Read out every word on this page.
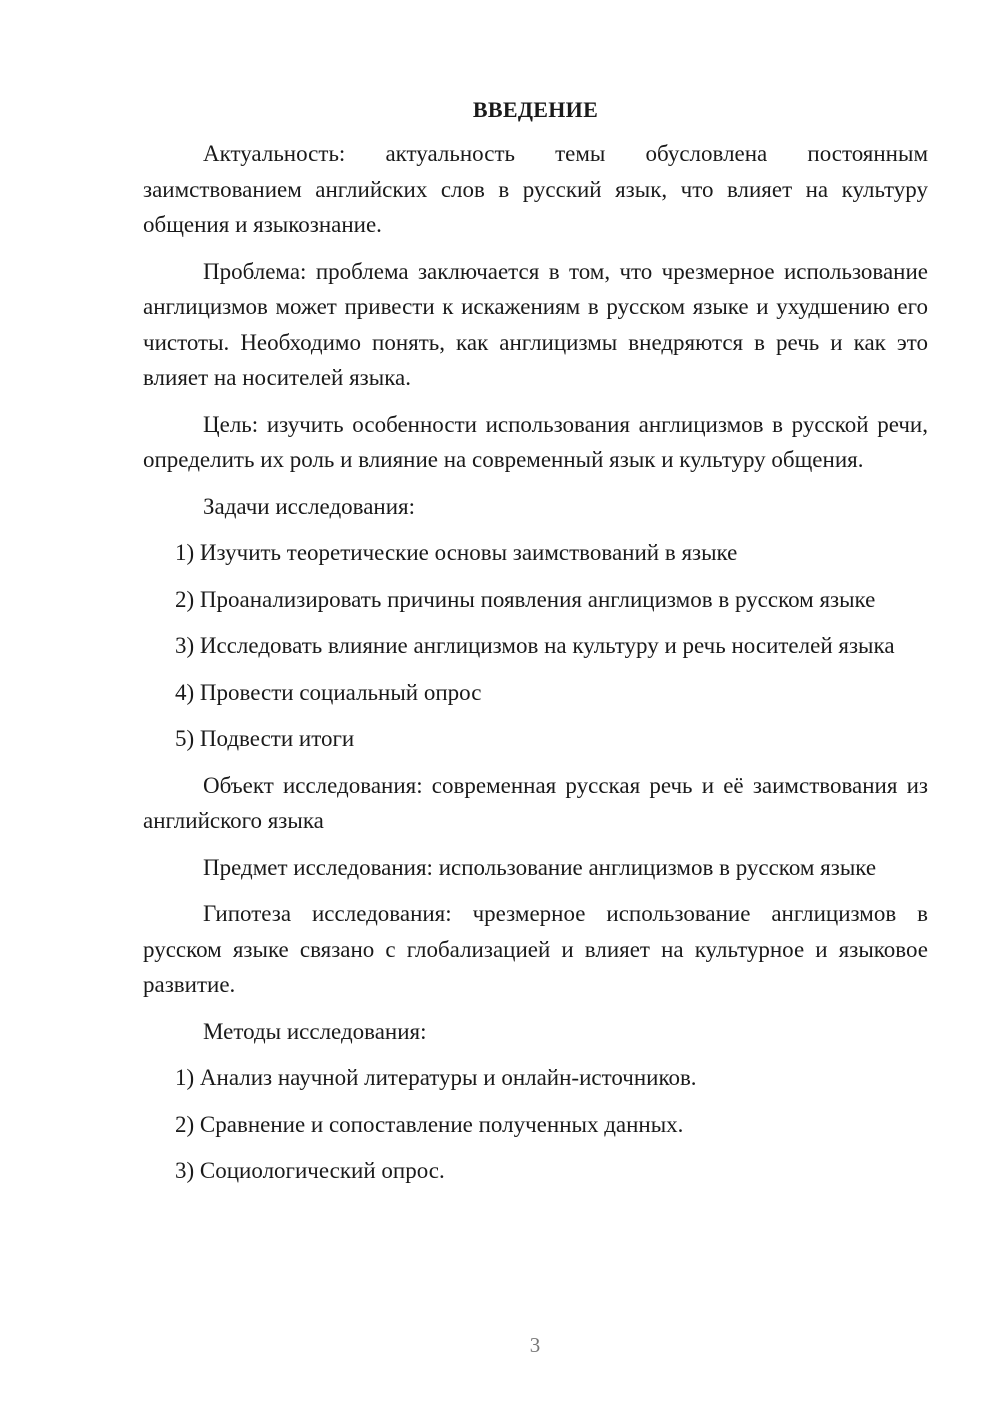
ВВЕДЕНИЕ

Актуальность: актуальность темы обусловлена постоянным заимствованием английских слов в русский язык, что влияет на культуру общения и языкознание.

Проблема: проблема заключается в том, что чрезмерное использование англицизмов может привести к искажениям в русском языке и ухудшению его чистоты. Необходимо понять, как англицизмы внедряются в речь и как это влияет на носителей языка.

Цель: изучить особенности использования англицизмов в русской речи, определить их роль и влияние на современный язык и культуру общения.

Задачи исследования:

1) Изучить теоретические основы заимствований в языке

2) Проанализировать причины появления англицизмов в русском языке

3) Исследовать влияние англицизмов на культуру и речь носителей языка

4) Провести социальный опрос

5) Подвести итоги

Объект исследования: современная русская речь и её заимствования из английского языка

Предмет исследования: использование англицизмов в русском языке

Гипотеза исследования: чрезмерное использование англицизмов в русском языке связано с глобализацией и влияет на культурное и языковое развитие.

Методы исследования:

1) Анализ научной литературы и онлайн-источников.

2) Сравнение и сопоставление полученных данных.

3) Социологический опрос.

3
